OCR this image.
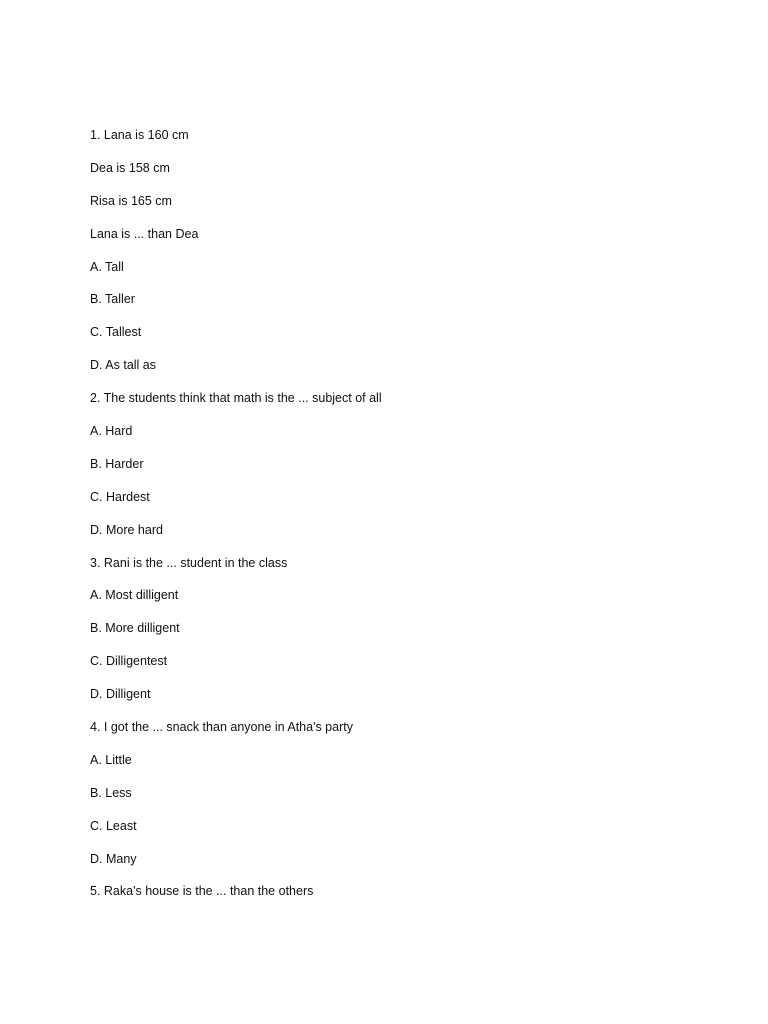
1. Lana is 160 cm
Dea is 158 cm
Risa is 165 cm
Lana is ... than Dea
A. Tall
B. Taller
C. Tallest
D. As tall as
2. The students think that math is the ... subject of all
A. Hard
B. Harder
C. Hardest
D. More hard
3. Rani is the ... student in the class
A. Most dilligent
B. More dilligent
C. Dilligentest
D. Dilligent
4. I got the ... snack than anyone in Atha's party
A. Little
B. Less
C. Least
D. Many
5. Raka's house is the ... than the others
